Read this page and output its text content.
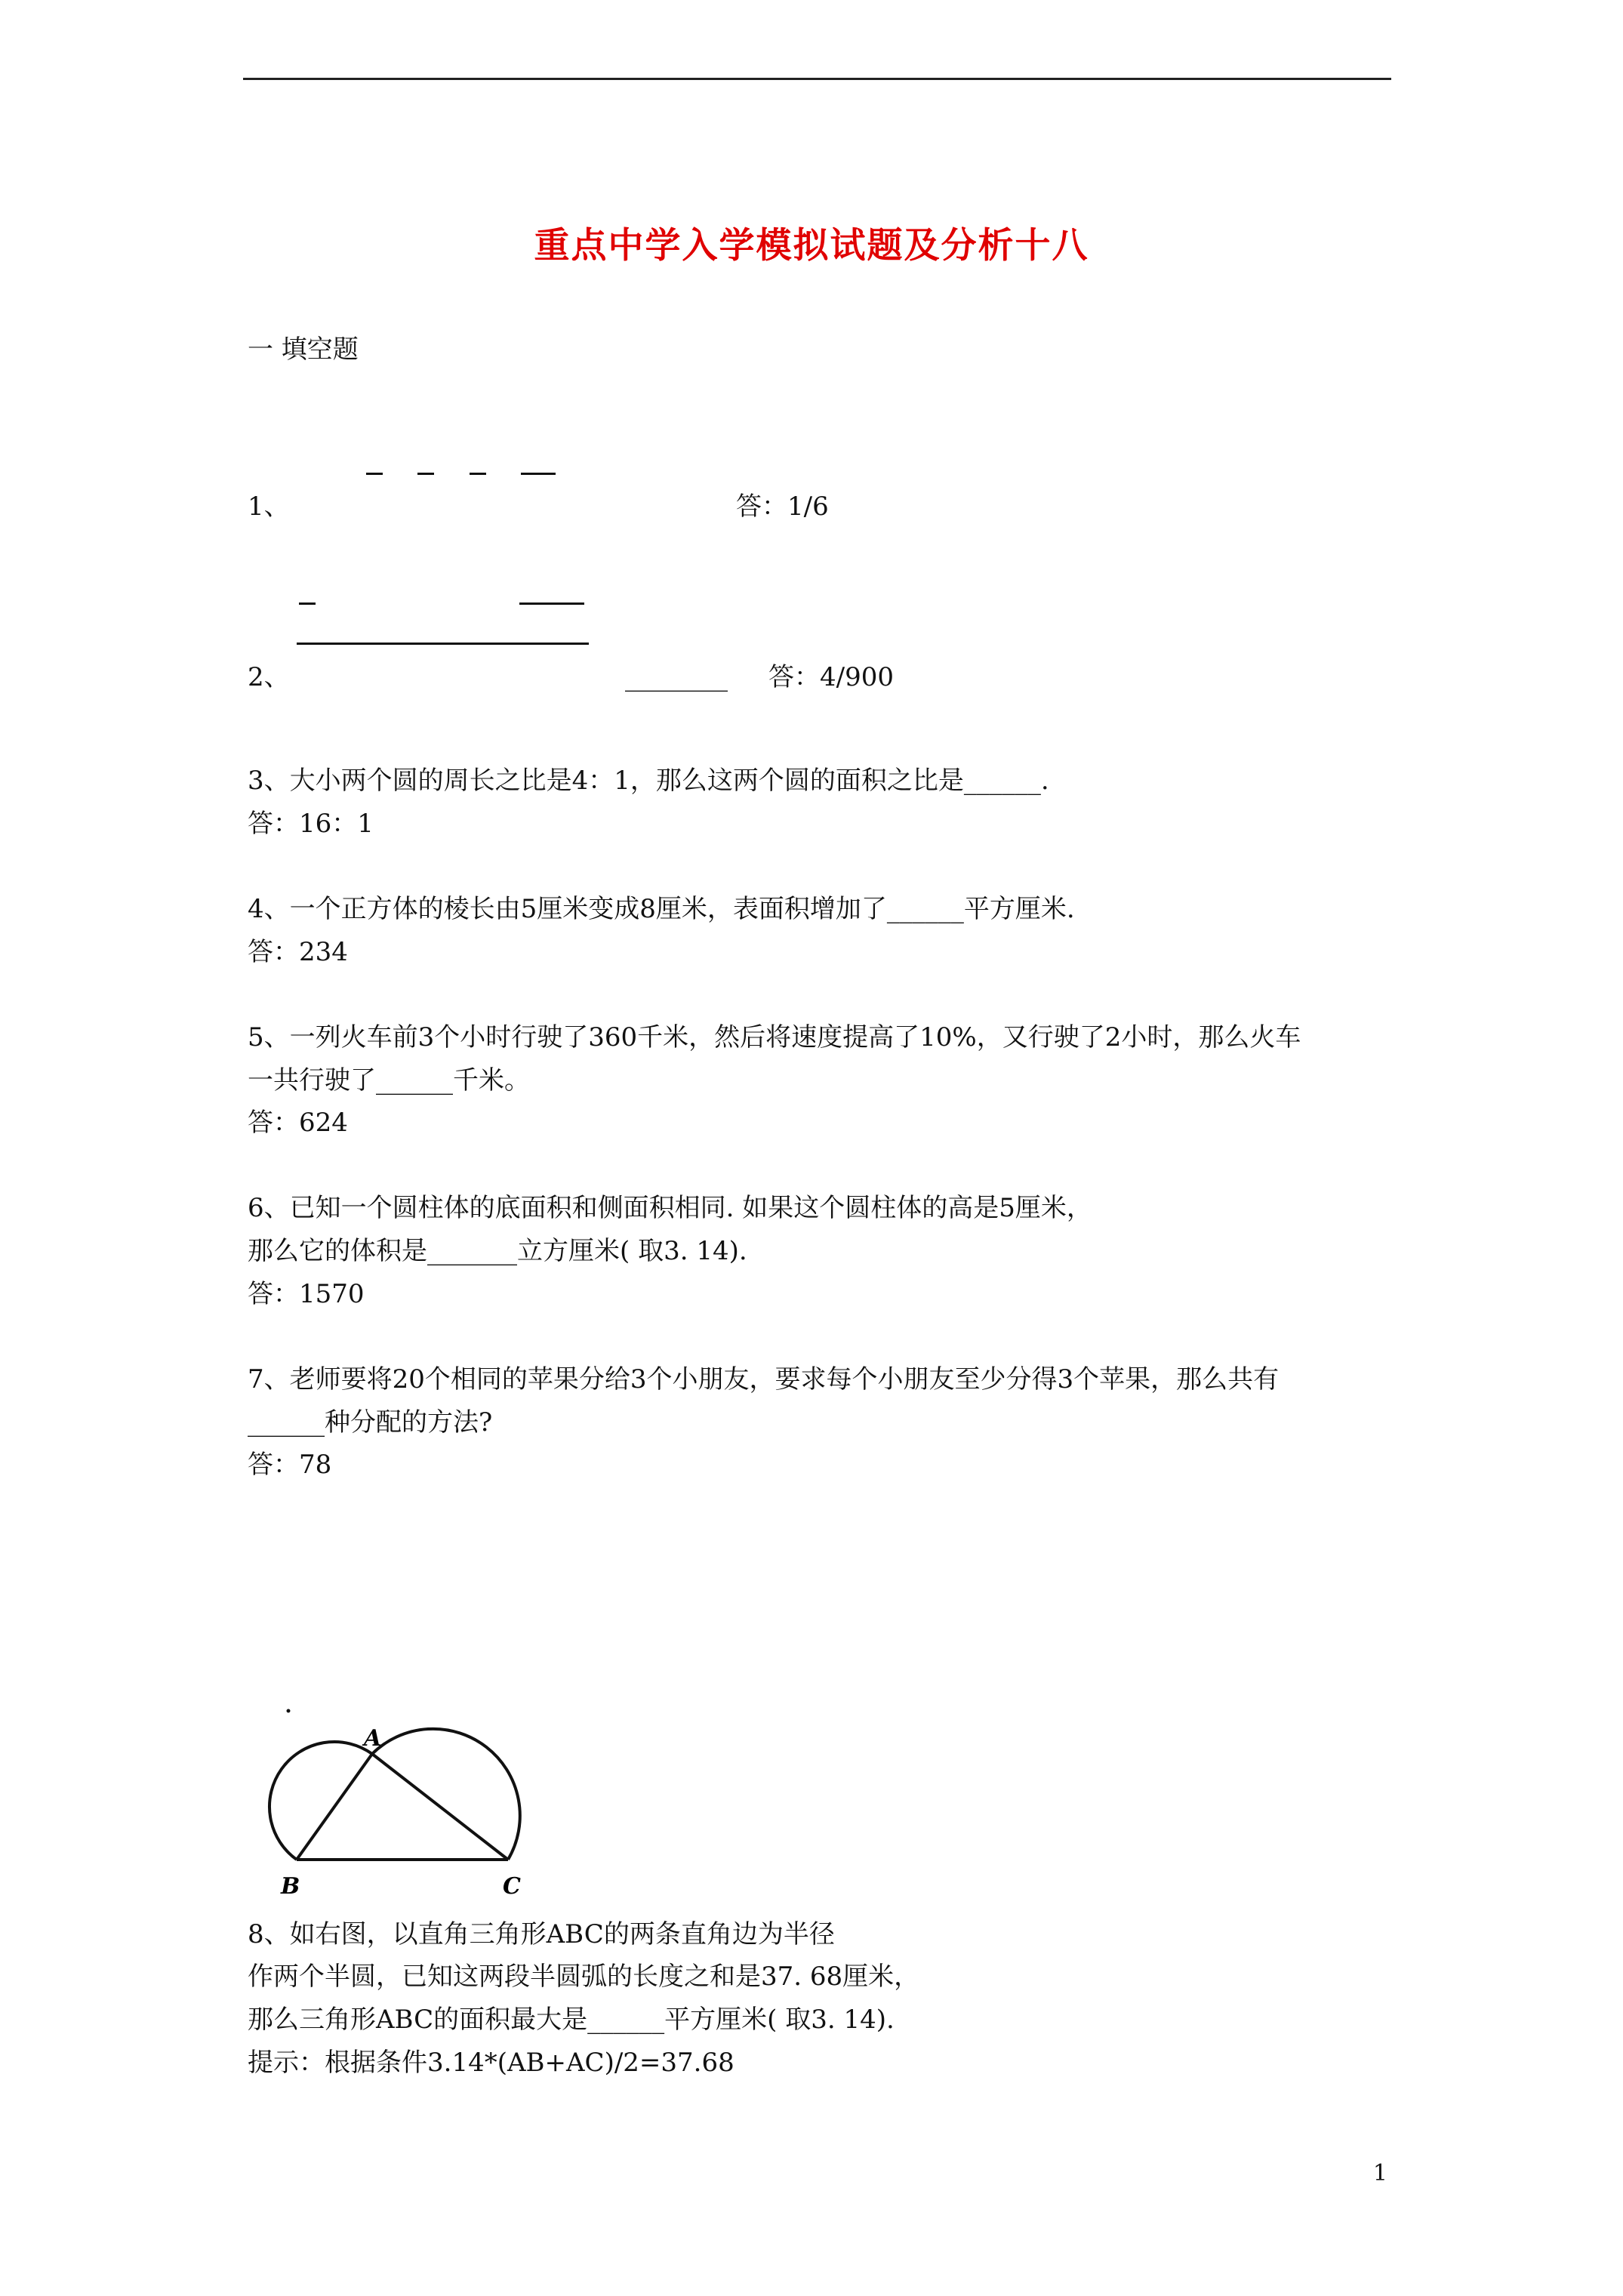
重点中学入学模拟试题及分析十八
一 填空题
1、	答：1/6
2、	________ 答：4/900
3、大小两个圆的周长之比是4：1，那么这两个圆的面积之比是______.
答：16：1
4、一个正方体的棱长由5厘米变成8厘米，表面积增加了______平方厘米.
答：234
5、一列火车前3个小时行驶了360千米，然后将速度提高了10%，又行驶了2小时，那么火车
一共行驶了______千米。
答：624
6、已知一个圆柱体的底面积和侧面积相同. 如果这个圆柱体的高是5厘米，
那么它的体积是_______立方厘米( 取3. 14).
答：1570
7、老师要将20个相同的苹果分给3个小朋友，要求每个小朋友至少分得3个苹果，那么共有
______种分配的方法?
答：78
A
B	C
8、如右图，以直角三角形ABC的两条直角边为半径
作两个半圆，已知这两段半圆弧的长度之和是37. 68厘米，
那么三角形ABC的面积最大是______平方厘米( 取3. 14).
提示：根据条件3.14*(AB+AC)/2=37.68
1
